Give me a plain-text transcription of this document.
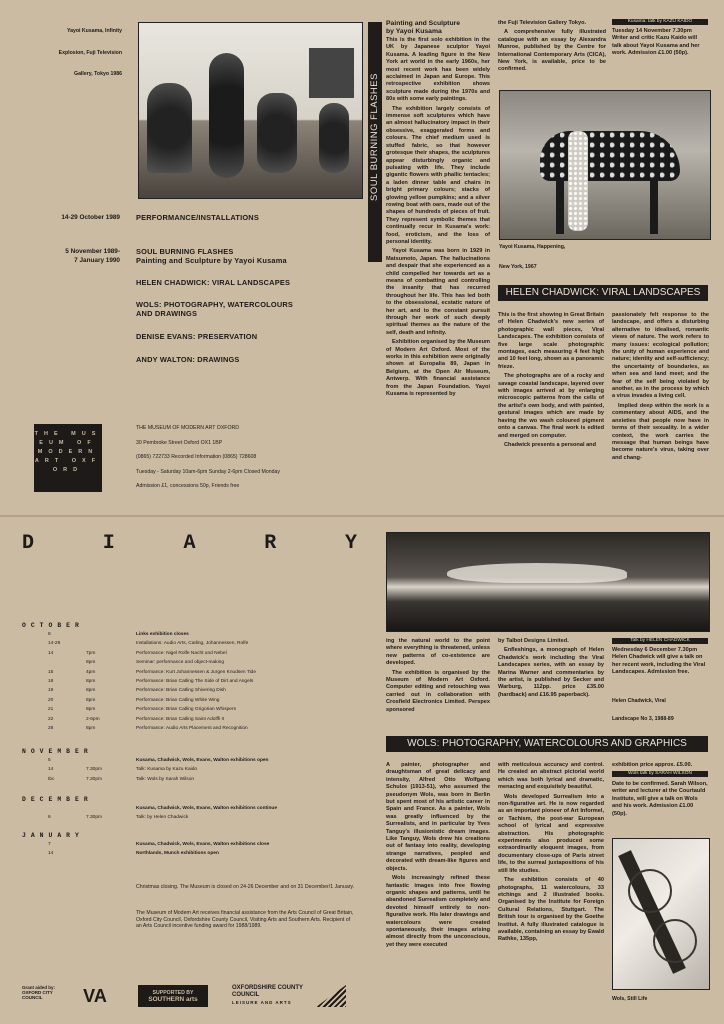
Yayoi Kusama, Infinity
Explosion, Fuji Television
Gallery, Tokyo 1986
14-29 October 1989 PERFORMANCE/INSTALLATIONS
5 November 1989-
7 January 1990
SOUL BURNING FLASHES
Painting and Sculpture by Yayoi Kusama
HELEN CHADWICK: VIRAL LANDSCAPES
WOLS: PHOTOGRAPHY, WATERCOLOURS
AND DRAWINGS
DENISE EVANS: PRESERVATION
ANDY WALTON: DRAWINGS
THE MUSEUM OF MODERN ART OXFORD
THE MUSEUM OF MODERN ART OXFORD
30 Pembroke Street Oxford OX1 1BP
(0865) 722733 Recorded Information (0865) 728608
Tuesday - Saturday 10am-6pm Sunday 2-6pm Closed Monday
Admission £1, concessions 50p, Friends free
SOUL BURNING FLASHES
Painting and Sculpture
by Yayoi Kusama

This is the first solo exhibition in the UK by Japanese sculptor Yayoi Kusama. A leading figure in the New York art world in the early 1960s, her most recent work has been widely acclaimed in Japan and Europe. This retrospective exhibition shows sculpture made during the 1970s and 80s with some early paintings.

The exhibition largely consists of immense soft sculptures which have an almost hallucinatory impact in their obsessive, exaggerated forms and colours. The chief medium used is stuffed fabric, so that however grotesque their shapes, the sculptures appear disturbingly organic and pulsating with life. They include gigantic flowers with phallic tentacles; a laden dinner table and chairs in bright primary colours; stacks of glowing yellow pumpkins; and a silver rowing boat with oars, made out of the shapes of hundreds of pieces of fruit. They represent symbolic themes that continually recur in Kusama's work: food, eroticism, and the loss of personal identity.

Yayoi Kusama was born in 1929 in Matsumoto, Japan. The hallucinations and despair that she experienced as a child compelled her towards art as a means of combatting and controlling the insanity that has recurred throughout her life. This has led both to the obsessional, ecstatic nature of her art, and to the constant pursuit through her work of such deeply spiritual themes as the nature of the self, death and infinity.

Exhibition organised by the Museum of Modern Art Oxford. Most of the works in this exhibition were originally shown at Europalia 89, Japan in Belgium, at the Open Air Museum, Antwerp. With financial assistance from the Japan Foundation. Yayoi Kusama is represented by

the Fuji Television Gallery Tokyo.

A comprehensive fully illustrated catalogue with an essay by Alexandra Munroe, published by the Centre for International Contemporary Arts (CICA), New York, is available, price to be confirmed.

Kusama: talk by KAZU KAIDO
Tuesday 14 November 7.30pm Writer and critic Kazu Kaido will talk about Yayoi Kusama and her work. Admission £1.00 (50p).
Yayoi Kusama, Happening,
New York, 1967
HELEN CHADWICK: VIRAL LANDSCAPES

This is the first showing in Great Britain of Helen Chadwick's new series of photographic wall pieces, Viral Landscapes. The exhibition consists of five large scale photographic montages, each measuring 4 feet high and 10 feet long, shown as a panoramic frieze.

The photographs are of a rocky and savage coastal landscape, layered over with images arrived at by enlarging microscopic patterns from the cells of the artist's own body, and with painted, gestural images which are made by having the wo wash coloured pigment onto a canvas. The final work is edited and merged on computer.

Chadwick presents a personal and

passionately felt response to the landscape, and offers a disturbing alternative to idealised, romantic views of nature. The work refers to many issues: ecological pollution; the unity of human experience and nature; identity and self-sufficiency; the uncertainty of boundaries, as when sea and land meet; and the fear of the self being violated by another, as in the process by which a virus invades a living cell.

Implied deep within the work is a commentary about AIDS, and the anxieties that people now have in terms of their sexuality. In a wider context, the work carries the message that human beings have become nature's virus, taking over and chang-

D	I	A	R	Y
OCTOBER
8	Links exhibition closes
14-29	Installations: Audio Arts, Catling, Johannessen, Rolfe
14	7pm	Performance: Nigel Rolfe Nacht und Nebel
8pm	Seminar: performance and object-making
15	4pm	Performance: Kurt Johannessen & Jurgen Knudsen Tide
18	8pm	Performance: Brian Catling The Side of Dirt and Angels
19	8pm	Performance: Brian Catling Shivering Dish
20	8pm	Performance: Brian Catling White Wing
21	8pm	Performance: Brian Catling Grigorian Whispers
22	2-6pm	Performance: Brian Catling Saint Adolffi II
28	8pm	Performance: Audio Arts Placement and Recognition
NOVEMBER
5	Kusama, Chadwick, Wols, Evans, Walton exhibitions open
14	7.30pm	Talk: Kusama by Kazu Kaido
tbc	7.30pm	Talk: Wols by Sarah Wilson
DECEMBER
Kusama, Chadwick, Wols, Evans, Walton exhibitions continue
6	7.30pm	Talk: by Helen Chadwick
JANUARY
7	Kusama, Chadwick, Wols, Evans, Walton exhibitions close
14	Northlands, Munch exhibitions open
Christmas closing. The Museum is closed on 24-26 December and on 31 December/1 January.
The Museum of Modern Art receives financial assistance from the Arts Council of Great Britain, Oxford City Council, Oxfordshire County Council, Visiting Arts and Southern Arts. Recipient of an Arts Council incentive funding award for 1988/1989.
Grant aided by: OXFORD CITY COUNCIL	VA	SUPPORTED BY
SOUTHERN arts
OXFORDSHIRE COUNTY COUNCIL
LEISURE AND ARTS

ing the natural world to the point where everything is threatened, unless new patterns of co-existence are developed.

The exhibition is organised by the Museum of Modern Art Oxford. Computer editing and retouching was carried out in collaboration with Crosfield Electronics Limited. Perspex sponsored

by Talbot Designs Limited.

Enfleshings, a monograph of Helen Chadwick's work including the Viral Landscapes series, with an essay by Marina Warner and commentaries by the artist, is published by Secker and Warburg, 112pp. price £35.00 (hardback) and £16.95 paperback).

Talk by HELEN CHADWICK
Wednesday 6 December 7.30pm Helen Chadwick will give a talk on her recent work, including the Viral Landscapes. Admission free.
Helen Chadwick, Viral
Landscape No 3, 1988-89
WOLS: PHOTOGRAPHY, WATERCOLOURS AND GRAPHICS

A painter, photographer and draughtsman of great delicacy and intensity, Alfred Otto Wolfgang Schulze (1913-51), who assumed the pseudonym Wols, was born in Berlin but spent most of his artistic career in Spain and France. As a painter, Wols was greatly influenced by the Surrealists, and in particular by Yves Tanguy's illusionistic dream images. Like Tanguy, Wols drew his creations out of fantasy into reality, developing strange narratives, peopled and decorated with dream-like figures and objects.

Wols increasingly refined these fantastic images into free flowing organic shapes and patterns, until he abandoned Surrealism completely and devoted himself entirely to non-figurative work. His later drawings and watercolours were created spontaneously, their images arising almost directly from the unconscious, yet they were executed

with meticulous accuracy and control. He created an abstract pictorial world which was both lyrical and dramatic, menacing and exquisitely beautiful.

Wols developed Surrealism into a non-figurative art. He is now regarded as an important pioneer of Art Informel, or Tachism, the post-war European school of lyrical and expressive abstraction. His photographic experiments also produced some extraordinarily eloquent images, from documentary close-ups of Paris street life, to the surreal juxtapositions of his still life studies.

The exhibition consists of 40 photographs, 11 watercolours, 33 etchings and 2 illustrated books. Organised by the Institute for Foreign Cultural Relations, Stuttgart. The British tour is organised by the Goethe Institut. A fully illustrated catalogue is available, containing an essay by Ewald Rathke, 135pp,

exhibition price approx. £5.00.
Wols talk by SARAH WILSON
Date to be confirmed. Sarah Wilson, writer and lecturer at the Courtauld Institute, will give a talk on Wols and his work. Admission £1.00 (50p).
Wols, Still Life
